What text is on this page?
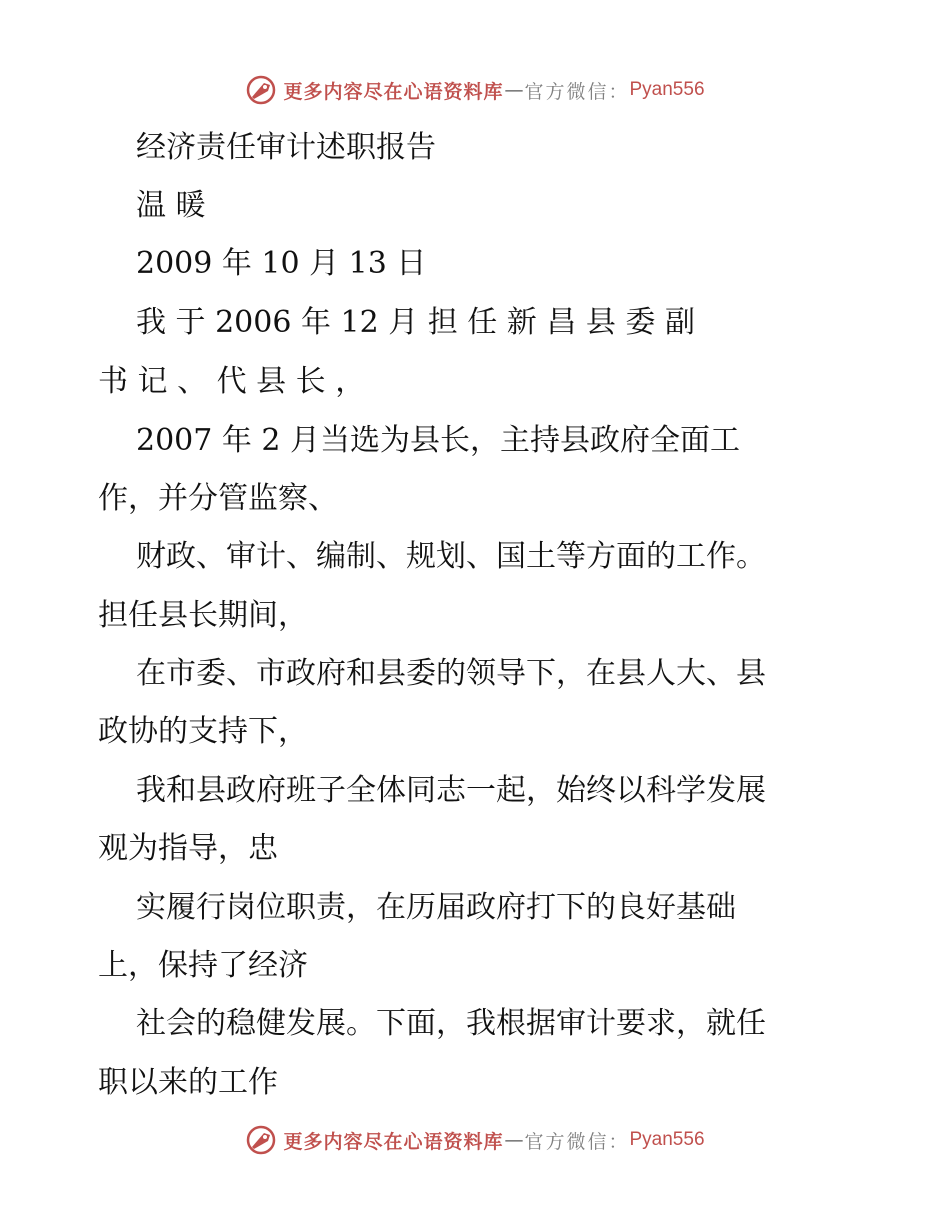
更多内容尽在心语资料库 — 官方微信： Pyan556

经济责任审计述职报告

温 暖

2009 年 10 月 13 日

我 于 2006 年 12 月 担 任 新 昌 县 委 副

书 记 、 代 县 长 ，

2007 年 2 月当选为县长，主持县政府全面工

作，并分管监察、

财政、审计、编制、规划、国土等方面的工作。

担任县长期间，

在市委、市政府和县委的领导下，在县人大、县

政协的支持下，

我和县政府班子全体同志一起，始终以科学发展

观为指导，忠

实履行岗位职责，在历届政府打下的良好基础

上，保持了经济

社会的稳健发展。下面，我根据审计要求，就任

职以来的工作

更多内容尽在心语资料库 — 官方微信： Pyan556
